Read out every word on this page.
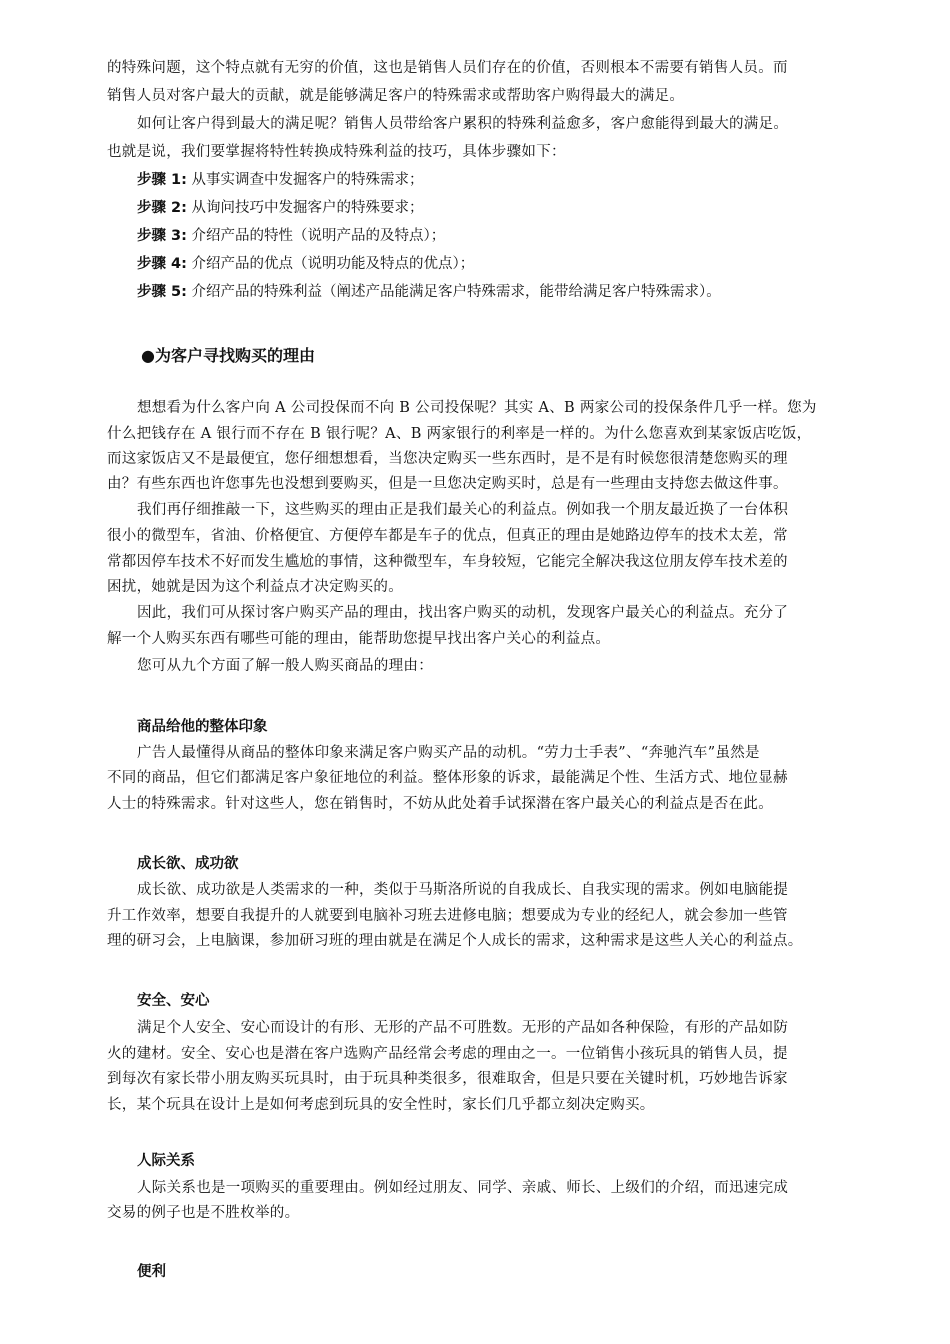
的特殊问题，这个特点就有无穷的价值，这也是销售人员们存在的价值，否则根本不需要有销售人员。而
销售人员对客户最大的贡献，就是能够满足客户的特殊需求或帮助客户购得最大的满足。
如何让客户得到最大的满足呢？销售人员带给客户累积的特殊利益愈多，客户愈能得到最大的满足。
也就是说，我们要掌握将特性转换成特殊利益的技巧，具体步骤如下：
步骤 1: 从事实调查中发掘客户的特殊需求；
步骤 2: 从询问技巧中发掘客户的特殊要求；
步骤 3: 介绍产品的特性（说明产品的及特点）；
步骤 4: 介绍产品的优点（说明功能及特点的优点）；
步骤 5: 介绍产品的特殊利益（阐述产品能满足客户特殊需求，能带给满足客户特殊需求）。
●为客户寻找购买的理由
想想看为什么客户向 A 公司投保而不向 B 公司投保呢？其实 A、B 两家公司的投保条件几乎一样。您为
什么把钱存在 A 银行而不存在 B 银行呢？A、B 两家银行的利率是一样的。为什么您喜欢到某家饭店吃饭，
而这家饭店又不是最便宜，您仔细想想看，当您决定购买一些东西时，是不是有时候您很清楚您购买的理
由？有些东西也许您事先也没想到要购买，但是一旦您决定购买时，总是有一些理由支持您去做这件事。
我们再仔细推敲一下，这些购买的理由正是我们最关心的利益点。例如我一个朋友最近换了一台体积
很小的微型车，省油、价格便宜、方便停车都是车子的优点，但真正的理由是她路边停车的技术太差，常
常都因停车技术不好而发生尴尬的事情，这种微型车，车身较短，它能完全解决我这位朋友停车技术差的
困扰，她就是因为这个利益点才决定购买的。
因此，我们可从探讨客户购买产品的理由，找出客户购买的动机，发现客户最关心的利益点。充分了
解一个人购买东西有哪些可能的理由，能帮助您提早找出客户关心的利益点。
您可从九个方面了解一般人购买商品的理由：
商品给他的整体印象
广告人最懂得从商品的整体印象来满足客户购买产品的动机。“劳力士手表”、“奔驰汽车”虽然是
不同的商品，但它们都满足客户象征地位的利益。整体形象的诉求，最能满足个性、生活方式、地位显赫
人士的特殊需求。针对这些人，您在销售时，不妨从此处着手试探潜在客户最关心的利益点是否在此。
成长欲、成功欲
成长欲、成功欲是人类需求的一种，类似于马斯洛所说的自我成长、自我实现的需求。例如电脑能提
升工作效率，想要自我提升的人就要到电脑补习班去进修电脑；想要成为专业的经纪人，就会参加一些管
理的研习会，上电脑课，参加研习班的理由就是在满足个人成长的需求，这种需求是这些人关心的利益点。
安全、安心
满足个人安全、安心而设计的有形、无形的产品不可胜数。无形的产品如各种保险，有形的产品如防
火的建材。安全、安心也是潜在客户选购产品经常会考虑的理由之一。一位销售小孩玩具的销售人员，提
到每次有家长带小朋友购买玩具时，由于玩具种类很多，很难取舍，但是只要在关键时机，巧妙地告诉家
长，某个玩具在设计上是如何考虑到玩具的安全性时，家长们几乎都立刻决定购买。
人际关系
人际关系也是一项购买的重要理由。例如经过朋友、同学、亲戚、师长、上级们的介绍，而迅速完成
交易的例子也是不胜枚举的。
便利
